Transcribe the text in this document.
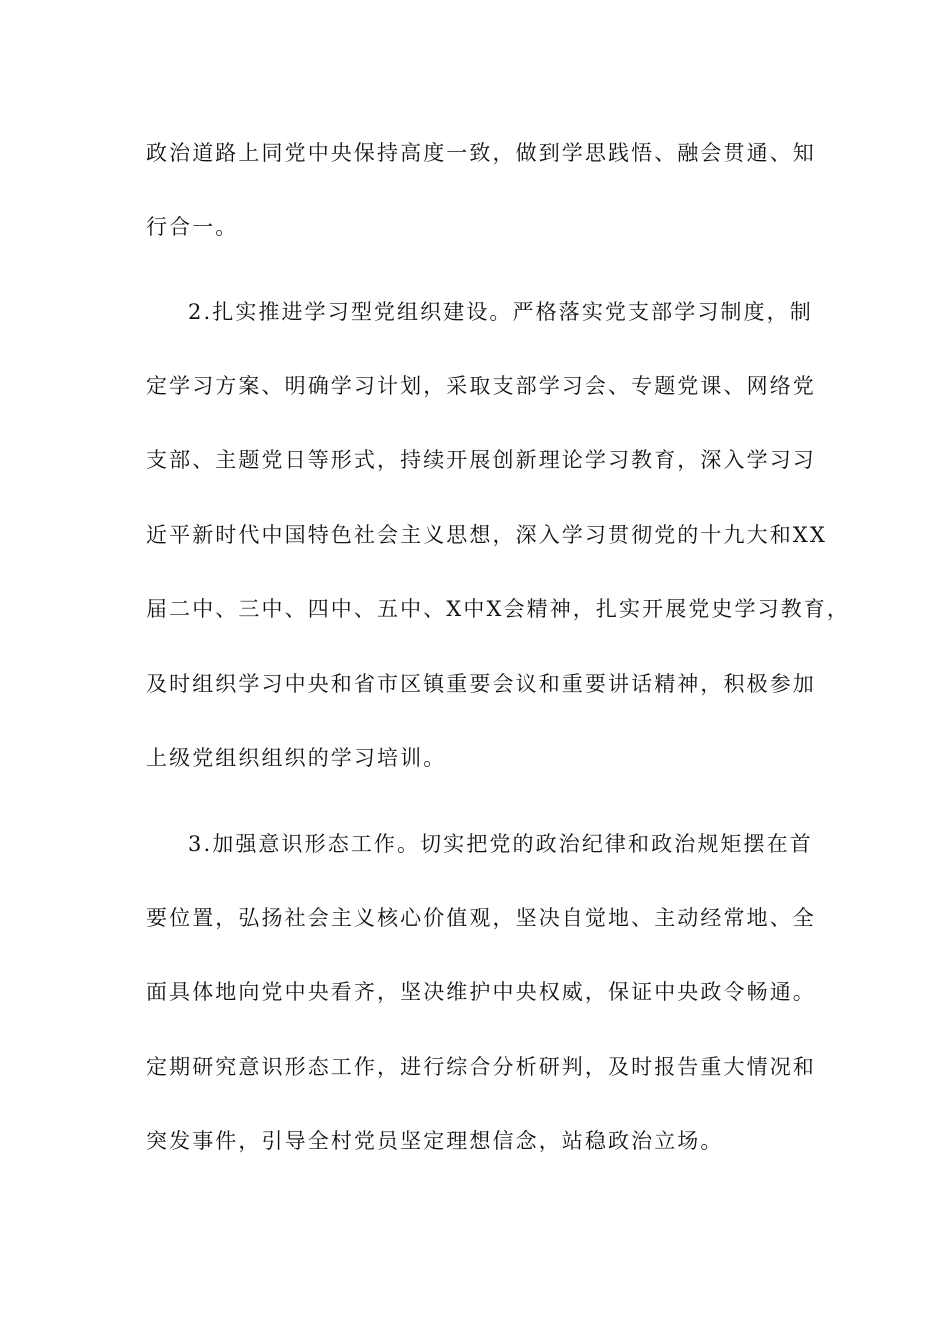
政治道路上同党中央保持高度一致，做到学思践悟、融会贯通、知
行合一。
2.扎实推进学习型党组织建设。严格落实党支部学习制度，制
定学习方案、明确学习计划，采取支部学习会、专题党课、网络党
支部、主题党日等形式，持续开展创新理论学习教育，深入学习习
近平新时代中国特色社会主义思想，深入学习贯彻党的十九大和XX
届二中、三中、四中、五中、X中X会精神，扎实开展党史学习教育，
及时组织学习中央和省市区镇重要会议和重要讲话精神，积极参加
上级党组织组织的学习培训。
3.加强意识形态工作。切实把党的政治纪律和政治规矩摆在首
要位置，弘扬社会主义核心价值观，坚决自觉地、主动经常地、全
面具体地向党中央看齐，坚决维护中央权威，保证中央政令畅通。
定期研究意识形态工作，进行综合分析研判，及时报告重大情况和
突发事件，引导全村党员坚定理想信念，站稳政治立场。
